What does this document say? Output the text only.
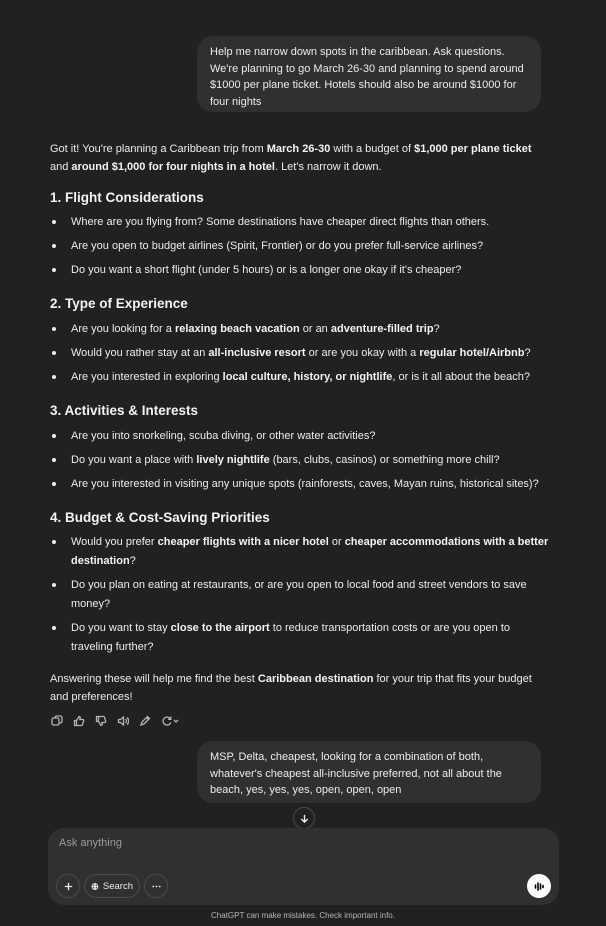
Help me narrow down spots in the caribbean. Ask questions. We're planning to go March 26-30 and planning to spend around $1000 per plane ticket. Hotels should also be around $1000 for four nights
Got it! You're planning a Caribbean trip from March 26-30 with a budget of $1,000 per plane ticket and around $1,000 for four nights in a hotel. Let's narrow it down.
1. Flight Considerations
Where are you flying from? Some destinations have cheaper direct flights than others.
Are you open to budget airlines (Spirit, Frontier) or do you prefer full-service airlines?
Do you want a short flight (under 5 hours) or is a longer one okay if it's cheaper?
2. Type of Experience
Are you looking for a relaxing beach vacation or an adventure-filled trip?
Would you rather stay at an all-inclusive resort or are you okay with a regular hotel/Airbnb?
Are you interested in exploring local culture, history, or nightlife, or is it all about the beach?
3. Activities & Interests
Are you into snorkeling, scuba diving, or other water activities?
Do you want a place with lively nightlife (bars, clubs, casinos) or something more chill?
Are you interested in visiting any unique spots (rainforests, caves, Mayan ruins, historical sites)?
4. Budget & Cost-Saving Priorities
Would you prefer cheaper flights with a nicer hotel or cheaper accommodations with a better destination?
Do you plan on eating at restaurants, or are you open to local food and street vendors to save money?
Do you want to stay close to the airport to reduce transportation costs or are you open to traveling further?
Answering these will help me find the best Caribbean destination for your trip that fits your budget and preferences!
MSP, Delta, cheapest, looking for a combination of both, whatever's cheapest all-inclusive preferred, not all about the beach, yes, yes, yes, open, open, open
Ask anything
Search
ChatGPT can make mistakes. Check important info.
